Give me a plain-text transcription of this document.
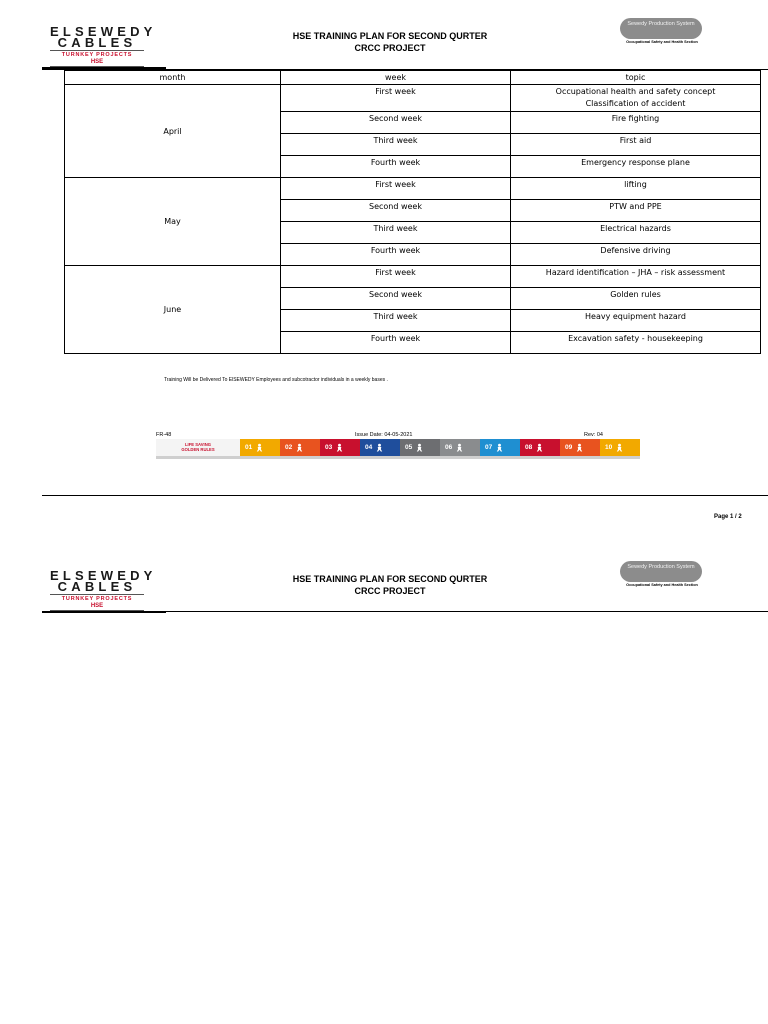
ELSEWEDY
CABLES
TURNKEY PROJECTS
HSE
HSE TRAINING PLAN FOR SECOND QURTER
CRCC PROJECT
Sewedy Production System
Occupational Safety and Health Section
month	week	topic
April	First week	Occupational health and safety concept
Classification of accident

	Second week	Fire fighting

	Third week	First aid

	Fourth week	Emergency response plane

May	First week	lifting

	Second week	PTW and PPE

	Third week	Electrical hazards

	Fourth week	Defensive driving

June	First week	Hazard identification – JHA – risk assessment

	Second week	Golden rules

	Third week	Heavy equipment hazard

	Fourth week	Excavation safety - housekeeping
Training Will be Delivered To ElSEWEDY Employees and subcotractor individuals in a weekly bases .
FR-48	Issue Date: 04-05-2021	Rev: 04
LIFE SAVING
GOLDEN RULES	01	02	03	04	05	06	07	08	09	10
Page 1 / 2
ELSEWEDY
CABLES
TURNKEY PROJECTS
HSE
HSE TRAINING PLAN FOR SECOND QURTER
CRCC PROJECT
Sewedy Production System
Occupational Safety and Health Section
